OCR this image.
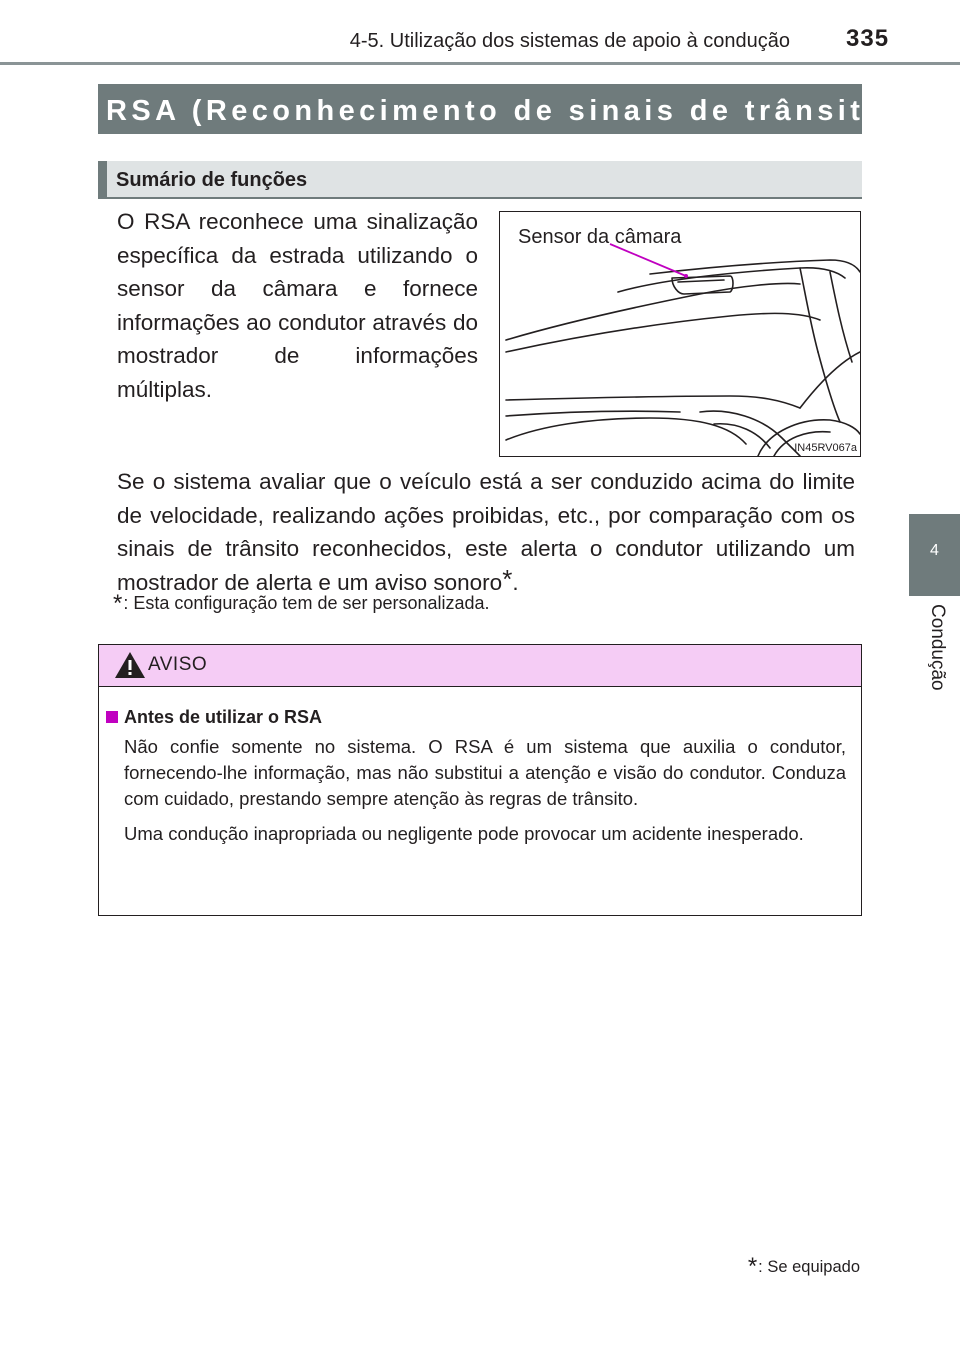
4-5. Utilização dos sistemas de apoio à condução 335
4
Condução
RSA (Reconhecimento de sinais de trânsito)*
Sumário de funções
O RSA reconhece uma sinalização específica da estrada utilizando o sensor da câmara e fornece informações ao condutor através do mostrador de informações múltiplas.
Sensor da câmara
IN45RV067a
Se o sistema avaliar que o veículo está a ser conduzido acima do limite de velocidade, realizando ações proibidas, etc., por comparação com os sinais de trânsito reconhecidos, este alerta o condutor utilizando um mostrador de alerta e um aviso sonoro*.
*: Esta configuração tem de ser personalizada.
AVISO
Antes de utilizar o RSA
Não confie somente no sistema. O RSA é um sistema que auxilia o condutor, fornecendo-lhe informação, mas não substitui a atenção e visão do condutor. Conduza com cuidado, prestando sempre atenção às regras de trânsito.
Uma condução inapropriada ou negligente pode provocar um acidente inesperado.
*: Se equipado
